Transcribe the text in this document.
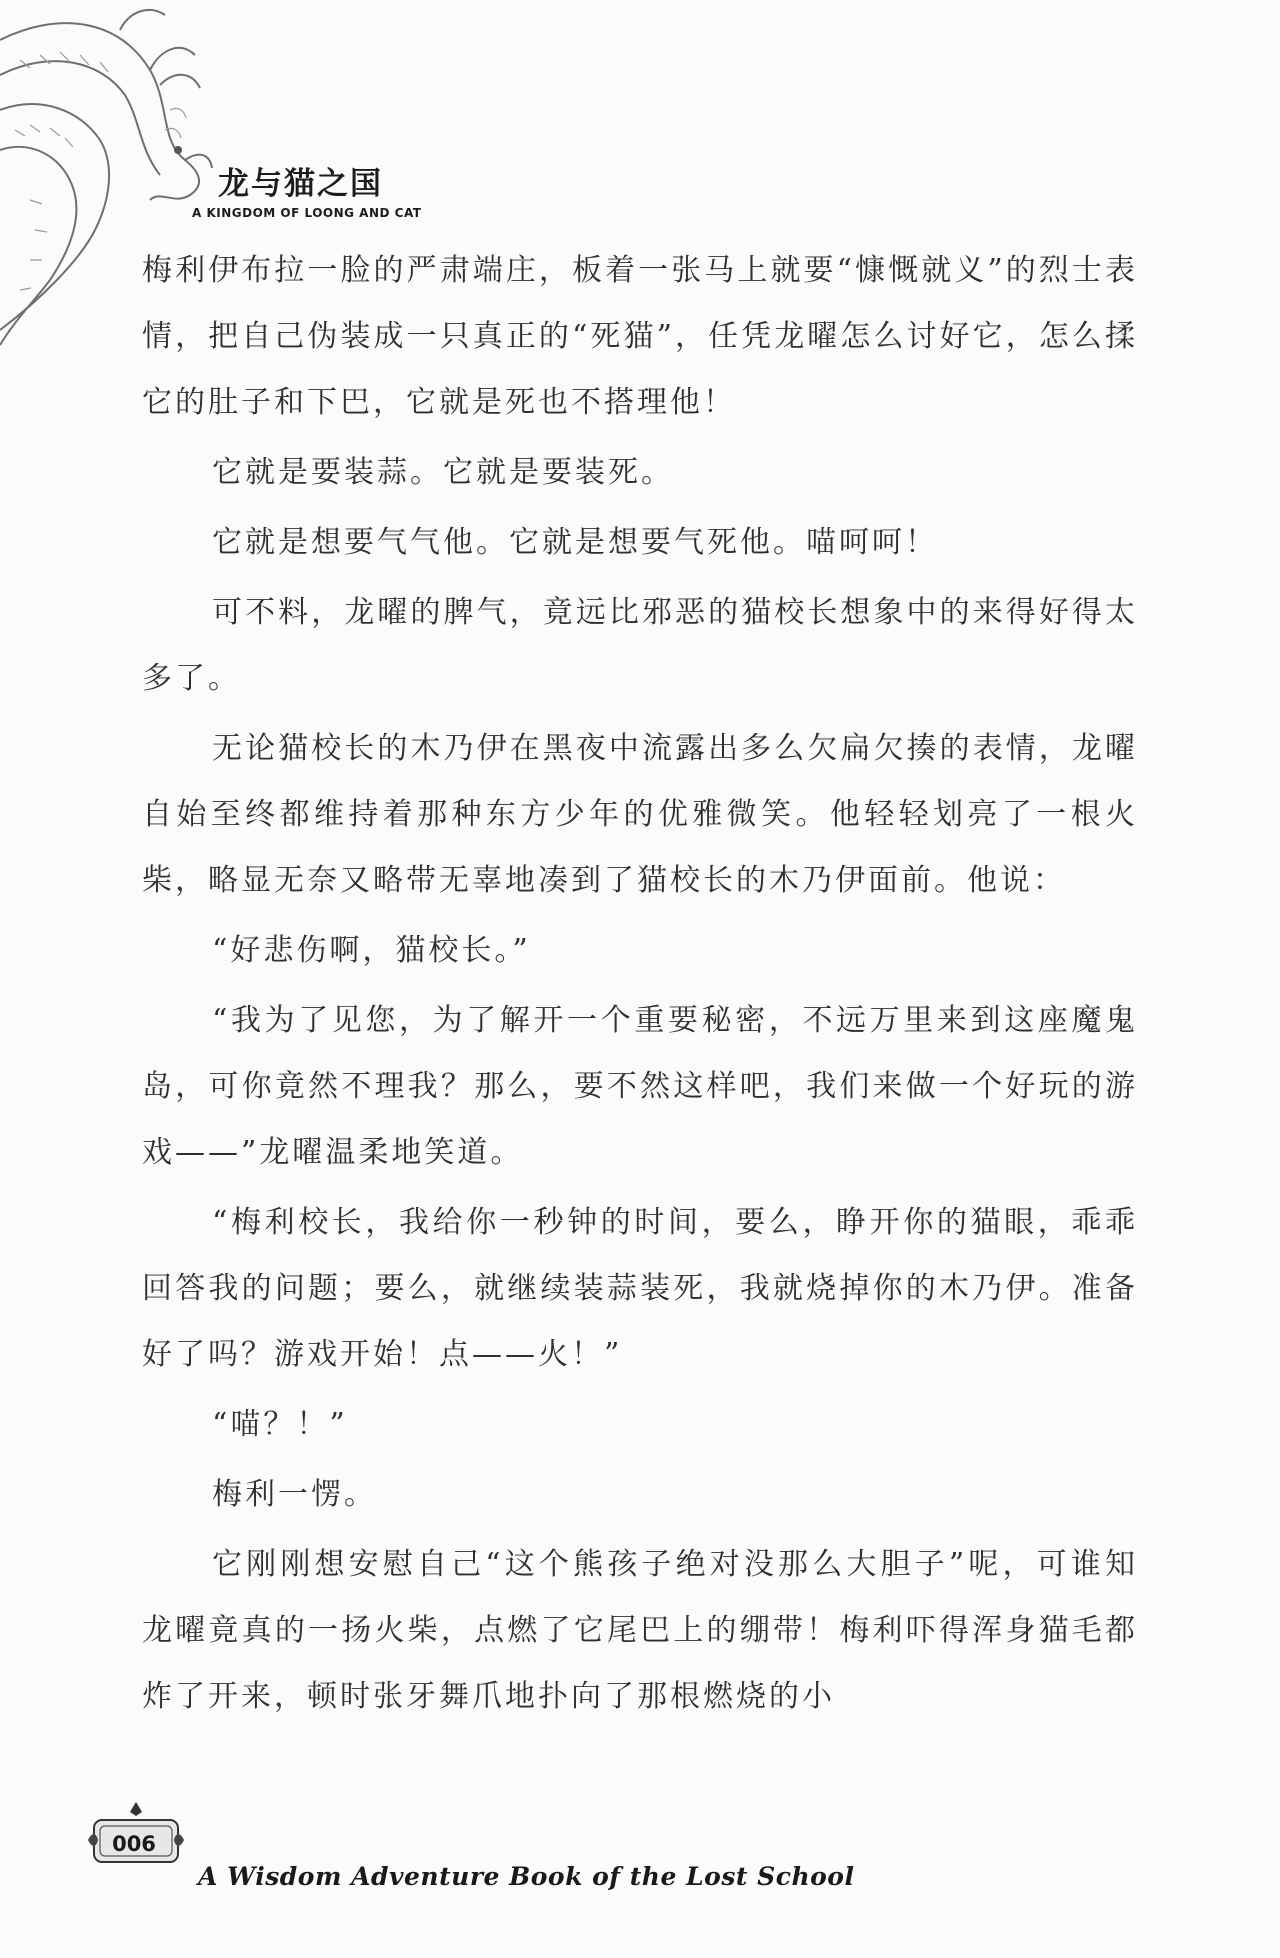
龙与猫之国
A KINGDOM OF LOONG AND CAT

梅利伊布拉一脸的严肃端庄，板着一张马上就要“慷慨就义”的烈士表情，把自己伪装成一只真正的“死猫”，任凭龙曜怎么讨好它，怎么揉它的肚子和下巴，它就是死也不搭理他！

它就是要装蒜。它就是要装死。

它就是想要气气他。它就是想要气死他。喵呵呵！

可不料，龙曜的脾气，竟远比邪恶的猫校长想象中的来得好得太多了。

无论猫校长的木乃伊在黑夜中流露出多么欠扁欠揍的表情，龙曜自始至终都维持着那种东方少年的优雅微笑。他轻轻划亮了一根火柴，略显无奈又略带无辜地凑到了猫校长的木乃伊面前。他说：

“好悲伤啊，猫校长。”

“我为了见您，为了解开一个重要秘密，不远万里来到这座魔鬼岛，可你竟然不理我？那么，要不然这样吧，我们来做一个好玩的游戏——”龙曜温柔地笑道。

“梅利校长，我给你一秒钟的时间，要么，睁开你的猫眼，乖乖回答我的问题；要么，就继续装蒜装死，我就烧掉你的木乃伊。准备好了吗？游戏开始！点——火！”

“喵？！”

梅利一愣。

它刚刚想安慰自己“这个熊孩子绝对没那么大胆子”呢，可谁知龙曜竟真的一扬火柴，点燃了它尾巴上的绷带！梅利吓得浑身猫毛都炸了开来，顿时张牙舞爪地扑向了那根燃烧的小

006
A Wisdom Adventure Book of the Lost School
